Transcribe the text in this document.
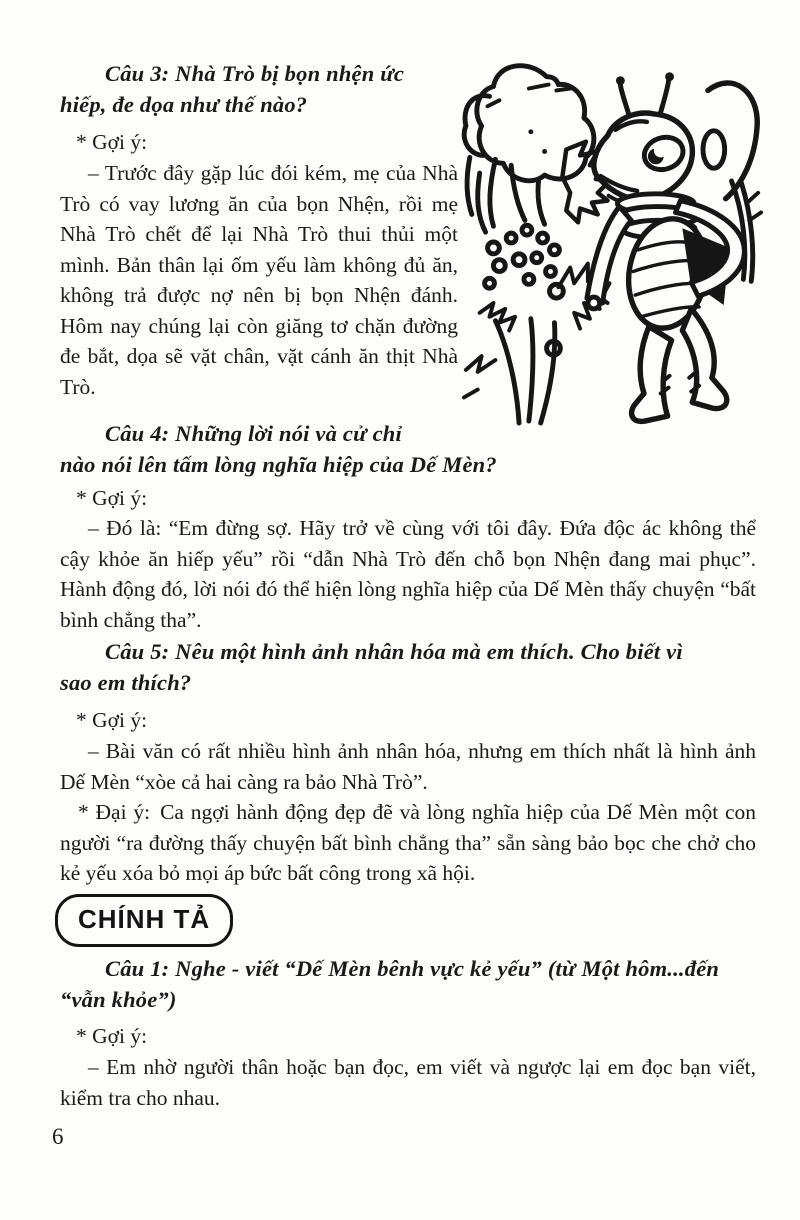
Câu 3: Nhà Trò bị bọn nhện ức
hiếp, đe dọa như thế nào?
* Gợi ý:
– Trước đây gặp lúc đói kém, mẹ của Nhà Trò có vay lương ăn của bọn Nhện, rồi mẹ Nhà Trò chết để lại Nhà Trò thui thủi một mình. Bản thân lại ốm yếu làm không đủ ăn, không trả được nợ nên bị bọn Nhện đánh. Hôm nay chúng lại còn giăng tơ chặn đường đe bắt, dọa sẽ vặt chân, vặt cánh ăn thịt Nhà Trò.
Câu 4: Những lời nói và cử chỉ
nào nói lên tấm lòng nghĩa hiệp của Dế Mèn?
* Gợi ý:
– Đó là: “Em đừng sợ. Hãy trở về cùng với tôi đây. Đứa độc ác không thể cậy khỏe ăn hiếp yếu” rồi “dẫn Nhà Trò đến chỗ bọn Nhện đang mai phục”. Hành động đó, lời nói đó thể hiện lòng nghĩa hiệp của Dế Mèn thấy chuyện “bất bình chẳng tha”.
Câu 5: Nêu một hình ảnh nhân hóa mà em thích. Cho biết vì
sao em thích?
* Gợi ý:
– Bài văn có rất nhiều hình ảnh nhân hóa, nhưng em thích nhất là hình ảnh Dế Mèn “xòe cả hai càng ra bảo Nhà Trò”.
* Đại ý: Ca ngợi hành động đẹp đẽ và lòng nghĩa hiệp của Dế Mèn một con người “ra đường thấy chuyện bất bình chẳng tha” sẵn sàng bảo bọc che chở cho kẻ yếu xóa bỏ mọi áp bức bất công trong xã hội.
CHÍNH TẢ
Câu 1: Nghe - viết “Dế Mèn bênh vực kẻ yếu” (từ Một hôm...đến
“vẫn khỏe”)
* Gợi ý:
– Em nhờ người thân hoặc bạn đọc, em viết và ngược lại em đọc bạn viết, kiểm tra cho nhau.
6
